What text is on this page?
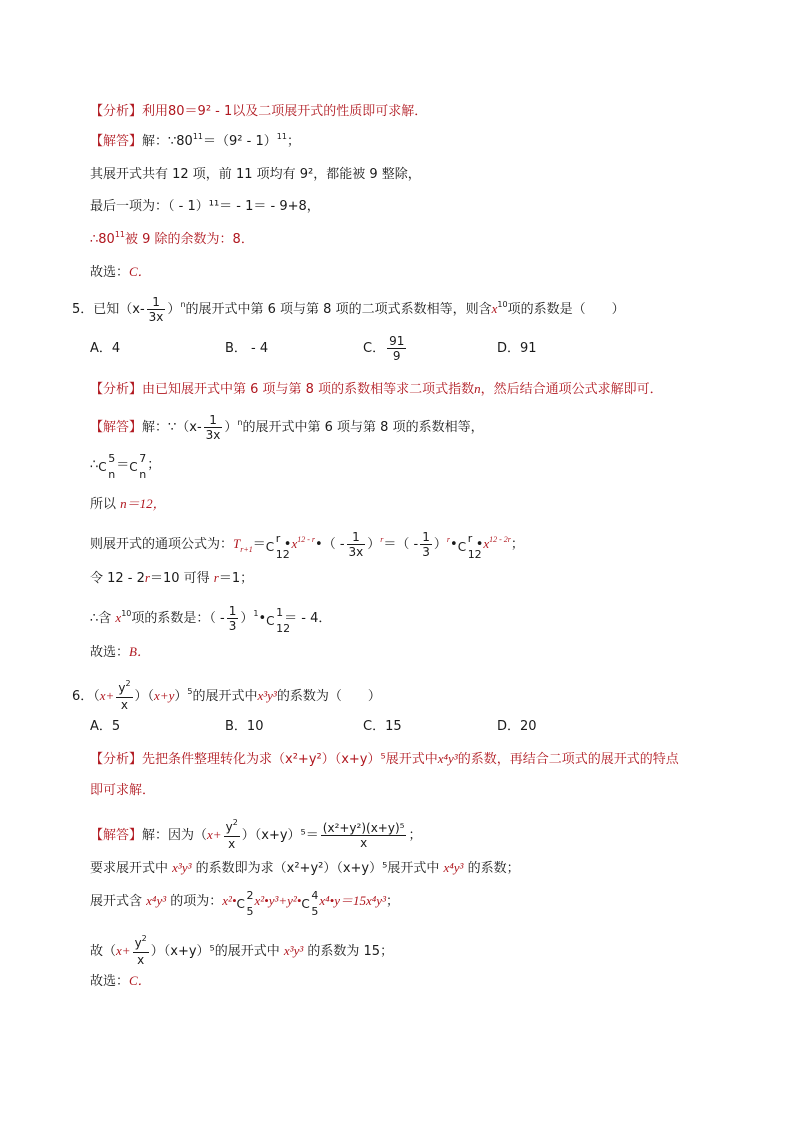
【分析】利用80＝9² - 1以及二项展开式的性质即可求解．
【解答】解：$\because 80^{11}=(9^2 - 1)^{11}$；
其展开式共有 12 项，前 11 项均有 9²，都能被 9 整除，
最后一项为：（ - 1）¹¹＝ - 1＝ - 9+8，
$\therefore 80^{11}$被 9 除的余数为：8．
故选：C．
5．已知$(x- \frac{1}{3x} )^n$的展开式中第 6 项与第 8 项的二项式系数相等，则含$x^{10}$项的系数是（　　）
A．4	B． - 4	C． $\frac{91}{9}$	D．91
【分析】由已知展开式中第 6 项与第 8 项的系数相等求二项式指数n，然后结合通项公式求解即可．
【解答】解：∵（x- $\frac{1}{3x} )^n$的展开式中第 6 项与第 8 项的系数相等，
∴ C
5
n
＝ C
7
n
；
所以 n＝12，
则展开式的通项公式为：$T_{r+1}= C$
r
12
$•x^{12 - r}•( - \frac{1}{3x} )^r=( - \frac{1}{3}$ ）$^r$• C
r
12
$•x^{12 - 2r}$；
令 12 - 2r＝10 可得 r＝1；
∴含 $x^{10}$项的系数是：（ - $\frac{1}{3}$ ）$^1$• C
1
12
＝ - 4．
故选：B．
6．$(x+ \frac{y^2}{x} )(x+y)^5$的展开式中x³y³的系数为（　　）
A．5	B．10	C．15	D．20
【分析】先把条件整理转化为求（x²+y²）（x+y）⁵展开式中x⁴y³的系数，再结合二项式的展开式的特点
即可求解．
【解答】解：因为$(x+ \frac{y^2}{x} )(x+y)^5= \frac{\text{(x²+y²)(x+y)⁵}}{x}$ ；
要求展开式中 x³y³ 的系数即为求（x²+y²）（x+y）⁵展开式中 x⁴y³ 的系数；
展开式含 x⁴y³ 的项为：x²• C
2
5
x²•y³+y²• C
4
5
x⁴•y＝15x⁴y³；
故$(x+ \frac{y^2}{x} )(x+y)^5$的展开式中 x³y³ 的系数为 15；
故选：C．
